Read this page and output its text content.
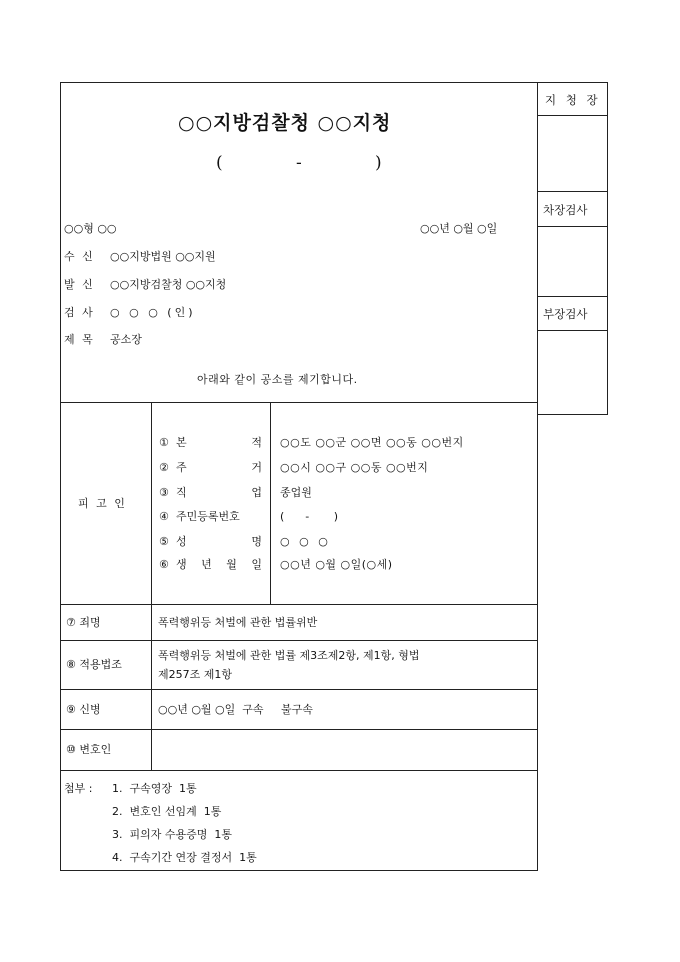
지 청 장
차장검사
부장검사
○○지방검찰청 ○○지청
(	-	)
○○형 ○○	○○년 ○월 ○일
수 신 ○○지방법원 ○○지원
발 신 ○○지방검찰청 ○○지청
검 사 ○ ○ ○ (인)
제 목 공소장
아래와 같이 공소를 제기합니다.
피 고 인
① 본 적 ○○도 ○○군 ○○면 ○○동 ○○번지
② 주 거 ○○시 ○○구 ○○동 ○○번지
③ 직 업 종업원
④ 주민등록번호	(      -       )
⑤ 성 명 ○ ○ ○
⑥ 생 년 월 일 ○○년 ○월 ○일(○세)
⑦ 죄명	폭력행위등 처벌에 관한 법률위반
⑧ 적용법조
폭력행위등 처벌에 관한 법률 제3조제2항, 제1항, 형법
제257조 제1항
⑨ 신병	○○년 ○월 ○일  구속     불구속
⑩ 변호인
첨부 : 1.  구속영장  1통
2.  변호인 선임계  1통
3.  피의자 수용증명  1통
4.  구속기간 연장 결정서  1통
